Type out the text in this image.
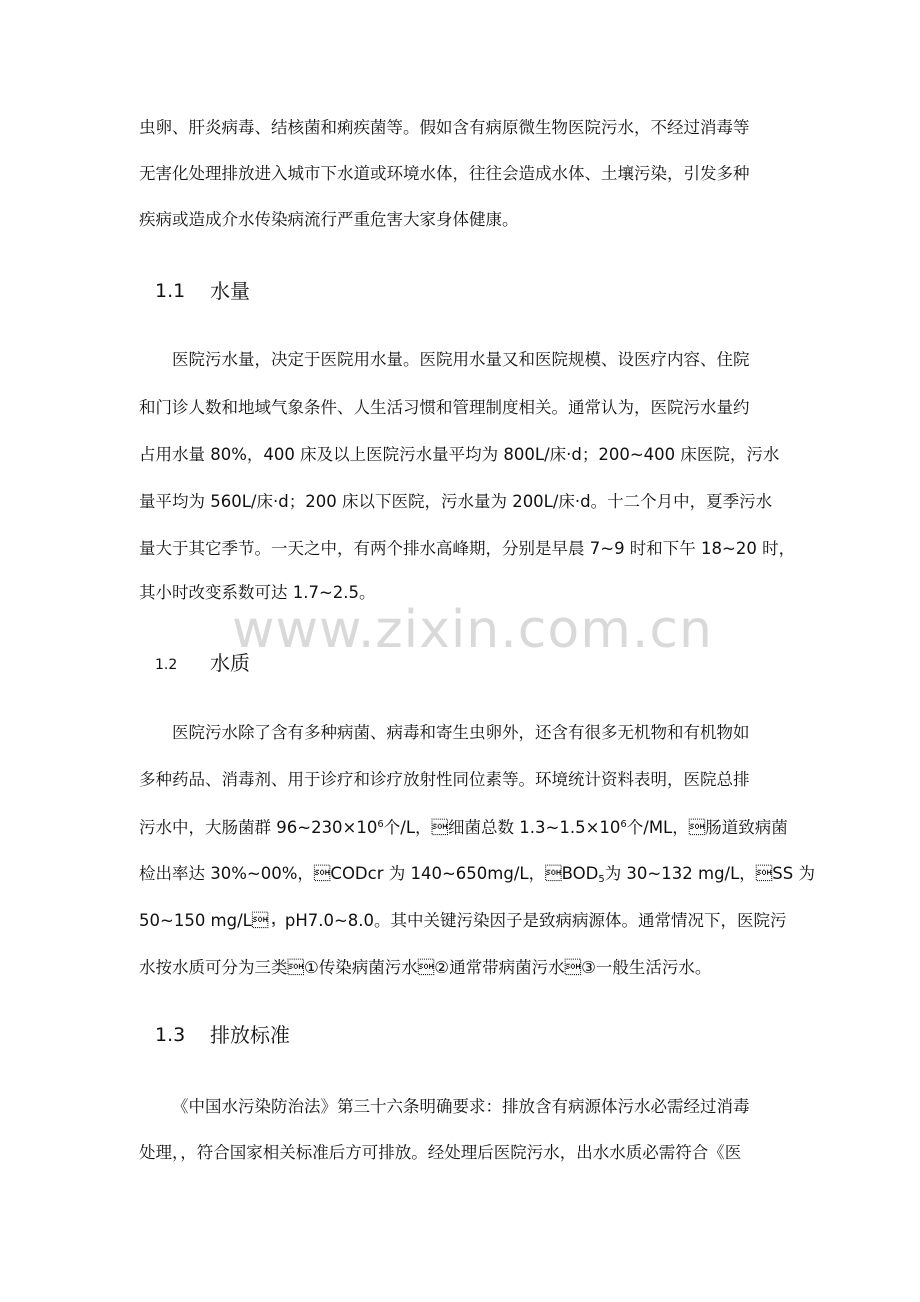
www.zixin.com.cn
虫卵、肝炎病毒、结核菌和痢疾菌等。假如含有病原微生物医院污水，不经过消毒等
无害化处理排放进入城市下水道或环境水体，往往会造成水体、土壤污染，引发多种
疾病或造成介水传染病流行严重危害大家身体健康。
1.1 水量
医院污水量，决定于医院用水量。医院用水量又和医院规模、设医疗内容、住院
和门诊人数和地域气象条件、人生活习惯和管理制度相关。通常认为，医院污水量约
占用水量 80%，400 床及以上医院污水量平均为 800L/床·d；200~400 床医院，污水
量平均为 560L/床·d；200 床以下医院，污水量为 200L/床·d。十二个月中，夏季污水
量大于其它季节。一天之中，有两个排水高峰期，分别是早晨 7~9 时和下午 18~20 时，
其小时改变系数可达 1.7~2.5。
1.2 水质
医院污水除了含有多种病菌、病毒和寄生虫卵外，还含有很多无机物和有机物如
多种药品、消毒剂、用于诊疗和诊疗放射性同位素等。环境统计资料表明，医院总排
污水中，大肠菌群 $96\sim 230\times 10^6$个/L，细菌总数 $1.3\sim 1.5\times 10^6$个/ML，肠道致病菌
检出率达 30%~00%，CODcr 为 140~650mg/L，$BOD_5$为 30~132 mg/L，SS 为
50~150 mg/L，pH7.0~8.0。其中关键污染因子是致病病源体。通常情况下，医院污
水按水质可分为三类①传染病菌污水②通常带病菌污水③一般生活污水。
1.3 排放标准
《中国水污染防治法》第三十六条明确要求：排放含有病源体污水必需经过消毒
处理，，符合国家相关标准后方可排放。经处理后医院污水，出水水质必需符合《医
